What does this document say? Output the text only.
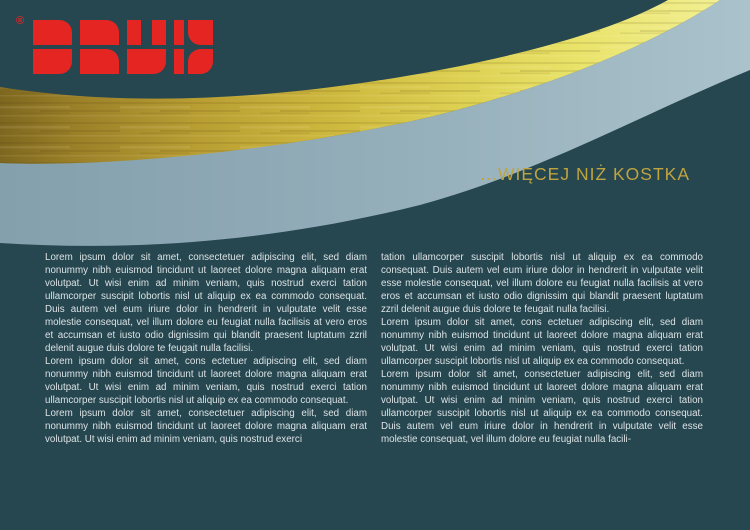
®
...WIĘCEJ NIŻ KOSTKA

Lorem ipsum dolor sit amet, consectetuer adipiscing elit, sed diam nonummy nibh euismod tincidunt ut laoreet dolore magna aliquam erat volutpat. Ut wisi enim ad minim veniam, quis nostrud exerci tation ullamcorper suscipit lobortis nisl ut aliquip ex ea commodo consequat. Duis autem vel eum iriure dolor in hendrerit in vulputate velit esse molestie consequat, vel illum dolore eu feugiat nulla facilisis at vero eros et accumsan et iusto odio dignissim qui blandit praesent luptatum zzril delenit augue duis dolore te feugait nulla facilisi.

Lorem ipsum dolor sit amet, cons ectetuer adipiscing elit, sed diam nonummy nibh euismod tincidunt ut laoreet dolore magna aliquam erat volutpat. Ut wisi enim ad minim veniam, quis nostrud exerci tation ullamcorper suscipit lobortis nisl ut aliquip ex ea commodo consequat.

Lorem ipsum dolor sit amet, consectetuer adipiscing elit, sed diam nonummy nibh euismod tincidunt ut laoreet dolore magna aliquam erat volutpat. Ut wisi enim ad minim veniam, quis nostrud exerci

tation ullamcorper suscipit lobortis nisl ut aliquip ex ea commodo consequat. Duis autem vel eum iriure dolor in hendrerit in vulputate velit esse molestie consequat, vel illum dolore eu feugiat nulla facilisis at vero eros et accumsan et iusto odio dignissim qui blandit praesent luptatum zzril delenit augue duis dolore te feugait nulla facilisi.

Lorem ipsum dolor sit amet, cons ectetuer adipiscing elit, sed diam nonummy nibh euismod tincidunt ut laoreet dolore magna aliquam erat volutpat. Ut wisi enim ad minim veniam, quis nostrud exerci tation ullamcorper suscipit lobortis nisl ut aliquip ex ea commodo consequat.

Lorem ipsum dolor sit amet, consectetuer adipiscing elit, sed diam nonummy nibh euismod tincidunt ut laoreet dolore magna aliquam erat volutpat. Ut wisi enim ad minim veniam, quis nostrud exerci tation ullamcorper suscipit lobortis nisl ut aliquip ex ea commodo consequat. Duis autem vel eum iriure dolor in hendrerit in vulputate velit esse molestie consequat, vel illum dolore eu feugiat nulla facili-
